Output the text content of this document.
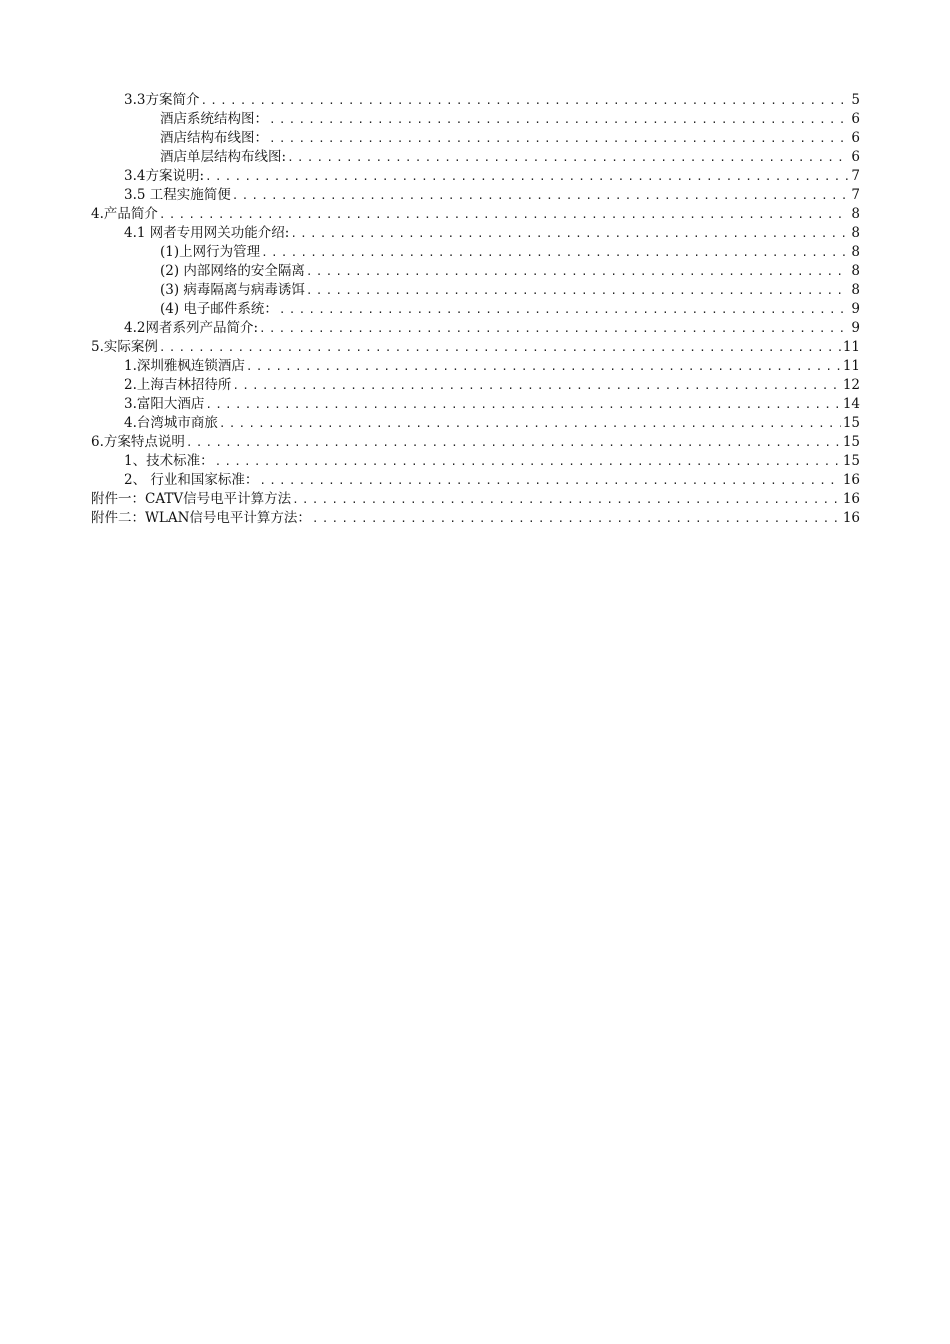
3.3方案简介 .....	5
酒店系统结构图： .....	6
酒店结构布线图： .....	6
酒店单层结构布线图: .....	6
3.4方案说明: .....	7
3.5 工程实施简便 .....	7
4.产品简介 .....	8
4.1 网者专用网关功能介绍: .....	8
(1)上网行为管理 .....	8
(2) 内部网络的安全隔离 .....	8
(3) 病毒隔离与病毒诱饵 .....	8
(4) 电子邮件系统： .....	9
4.2网者系列产品简介: .....	9
5.实际案例 .....	11
1.深圳雅枫连锁酒店 .....	11
2.上海吉林招待所 .....	12
3.富阳大酒店 .....	14
4.台湾城市商旅 .....	15
6.方案特点说明 .....	15
1、技术标准： .....	15
2、 行业和国家标准： .....	16
附件一：CATV信号电平计算方法 .....	16
附件二：WLAN信号电平计算方法： .....	16
